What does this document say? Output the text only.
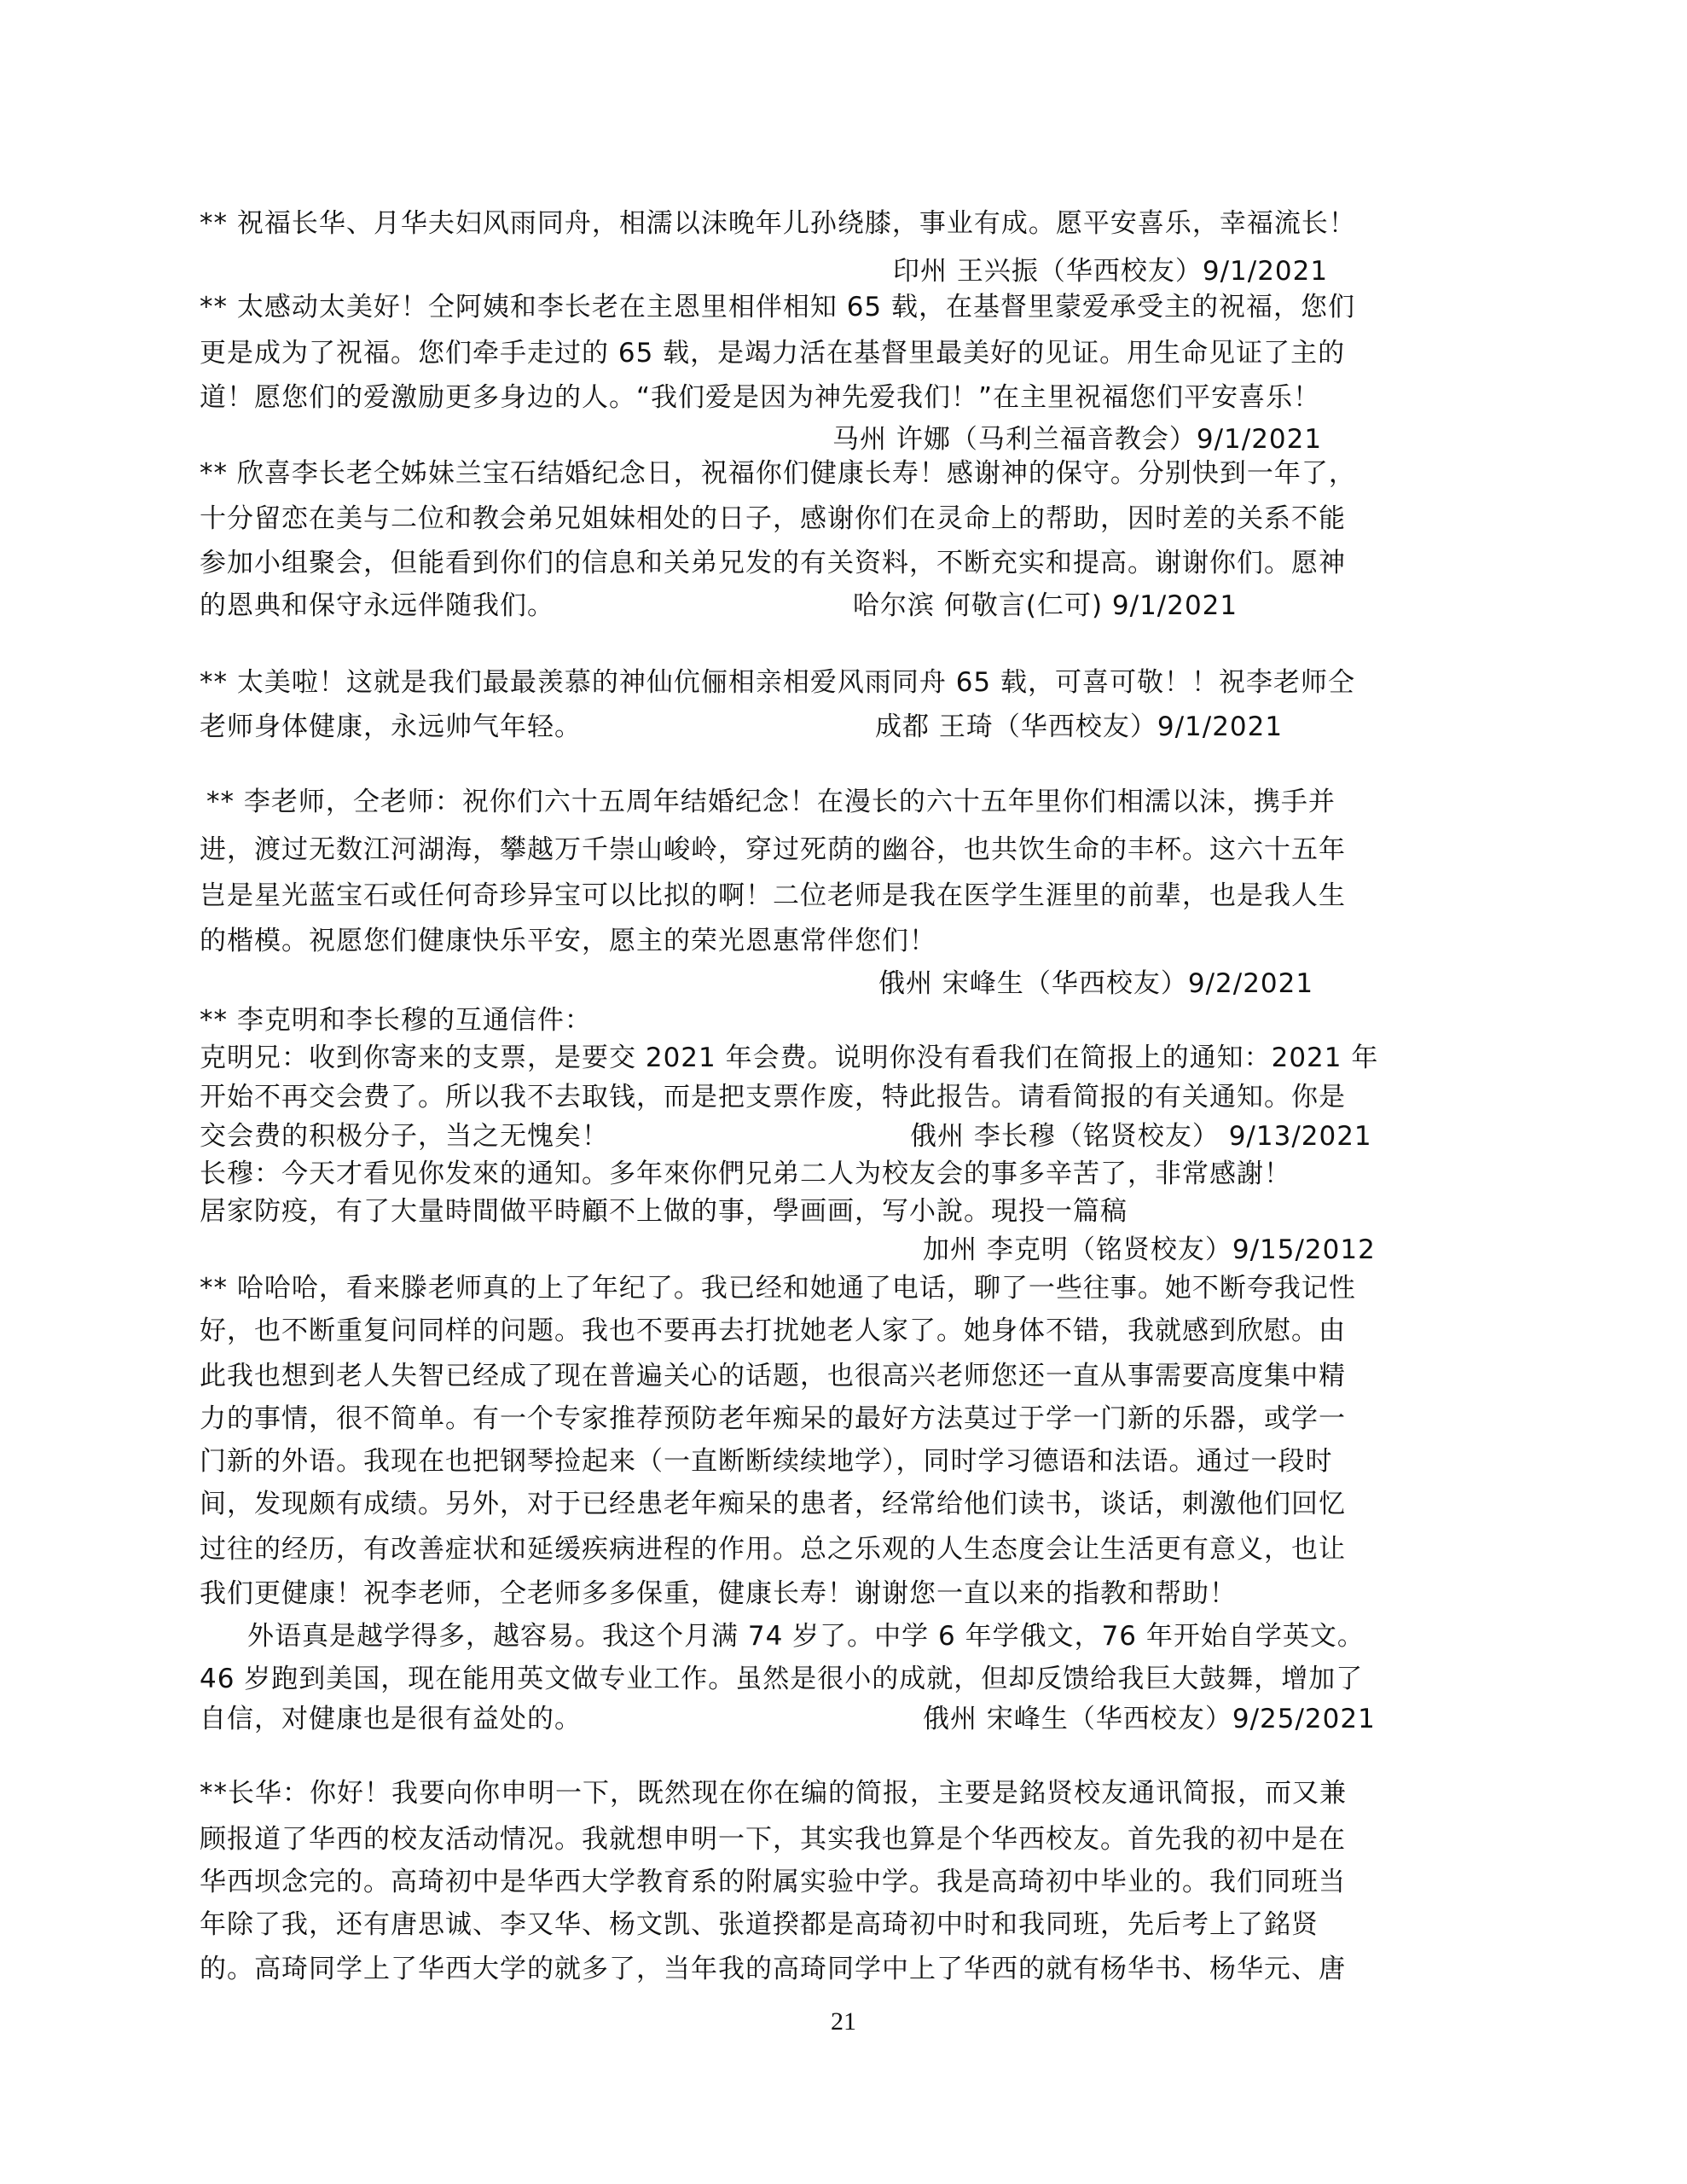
** 祝福长华、月华夫妇风雨同舟，相濡以沫晚年儿孙绕膝，事业有成。愿平安喜乐，幸福流长！
印州 王兴振（华西校友）9/1/2021
** 太感动太美好！仝阿姨和李长老在主恩里相伴相知 65 载，在基督里蒙爱承受主的祝福，您们
更是成为了祝福。您们牵手走过的 65 载，是竭力活在基督里最美好的见证。用生命见证了主的
道！愿您们的爱激励更多身边的人。“我们爱是因为神先爱我们！”在主里祝福您们平安喜乐！
马州 许娜（马利兰福音教会）9/1/2021
** 欣喜李长老仝姊妹兰宝石结婚纪念日，祝福你们健康长寿！感谢神的保守。分别快到一年了，
十分留恋在美与二位和教会弟兄姐妹相处的日子，感谢你们在灵命上的帮助，因时差的关系不能
参加小组聚会，但能看到你们的信息和关弟兄发的有关资料，不断充实和提高。谢谢你们。愿神
的恩典和保守永远伴随我们。	哈尔滨 何敬言(仁可) 9/1/2021
** 太美啦！这就是我们最最羡慕的神仙伉俪相亲相爱风雨同舟 65 载，可喜可敬！！祝李老师仝
老师身体健康，永远帅气年轻。	成都 王琦（华西校友）9/1/2021
** 李老师，仝老师：祝你们六十五周年结婚纪念！在漫长的六十五年里你们相濡以沫，携手并
进，渡过无数江河湖海，攀越万千崇山峻岭，穿过死荫的幽谷，也共饮生命的丰杯。这六十五年
岂是星光蓝宝石或任何奇珍异宝可以比拟的啊！二位老师是我在医学生涯里的前辈，也是我人生
的楷模。祝愿您们健康快乐平安，愿主的荣光恩惠常伴您们！
俄州 宋峰生（华西校友）9/2/2021
** 李克明和李长穆的互通信件：
克明兄：收到你寄来的支票，是要交 2021 年会费。说明你没有看我们在简报上的通知：2021 年
开始不再交会费了。所以我不去取钱，而是把支票作废，特此报告。请看简报的有关通知。你是
交会费的积极分子，当之无愧矣！	俄州 李长穆（铭贤校友） 9/13/2021
长穆：今天才看见你发來的通知。多年來你們兄弟二人为校友会的事多辛苦了，非常感謝！
居家防疫，有了大量時間做平時顧不上做的事，學画画，写小說。現投一篇稿
加州 李克明（铭贤校友）9/15/2012
** 哈哈哈，看来滕老师真的上了年纪了。我已经和她通了电话，聊了一些往事。她不断夸我记性
好，也不断重复问同样的问题。我也不要再去打扰她老人家了。她身体不错，我就感到欣慰。由
此我也想到老人失智已经成了现在普遍关心的话题，也很高兴老师您还一直从事需要高度集中精
力的事情，很不简单。有一个专家推荐预防老年痴呆的最好方法莫过于学一门新的乐器，或学一
门新的外语。我现在也把钢琴捡起来（一直断断续续地学），同时学习德语和法语。通过一段时
间，发现颇有成绩。另外，对于已经患老年痴呆的患者，经常给他们读书，谈话，刺激他们回忆
过往的经历，有改善症状和延缓疾病进程的作用。总之乐观的人生态度会让生活更有意义，也让
我们更健康！祝李老师，仝老师多多保重，健康长寿！谢谢您一直以来的指教和帮助！
外语真是越学得多，越容易。我这个月满 74 岁了。中学 6 年学俄文，76 年开始自学英文。
46 岁跑到美国，现在能用英文做专业工作。虽然是很小的成就，但却反馈给我巨大鼓舞，增加了
自信，对健康也是很有益处的。	俄州 宋峰生（华西校友）9/25/2021
**长华：你好！我要向你申明一下，既然现在你在编的简报，主要是銘贤校友通讯简报，而又兼
顾报道了华西的校友活动情况。我就想申明一下，其实我也算是个华西校友。首先我的初中是在
华西坝念完的。高琦初中是华西大学教育系的附属实验中学。我是高琦初中毕业的。我们同班当
年除了我，还有唐思诚、李又华、杨文凯、张道揆都是高琦初中时和我同班，先后考上了銘贤
的。高琦同学上了华西大学的就多了，当年我的高琦同学中上了华西的就有杨华书、杨华元、唐
21
